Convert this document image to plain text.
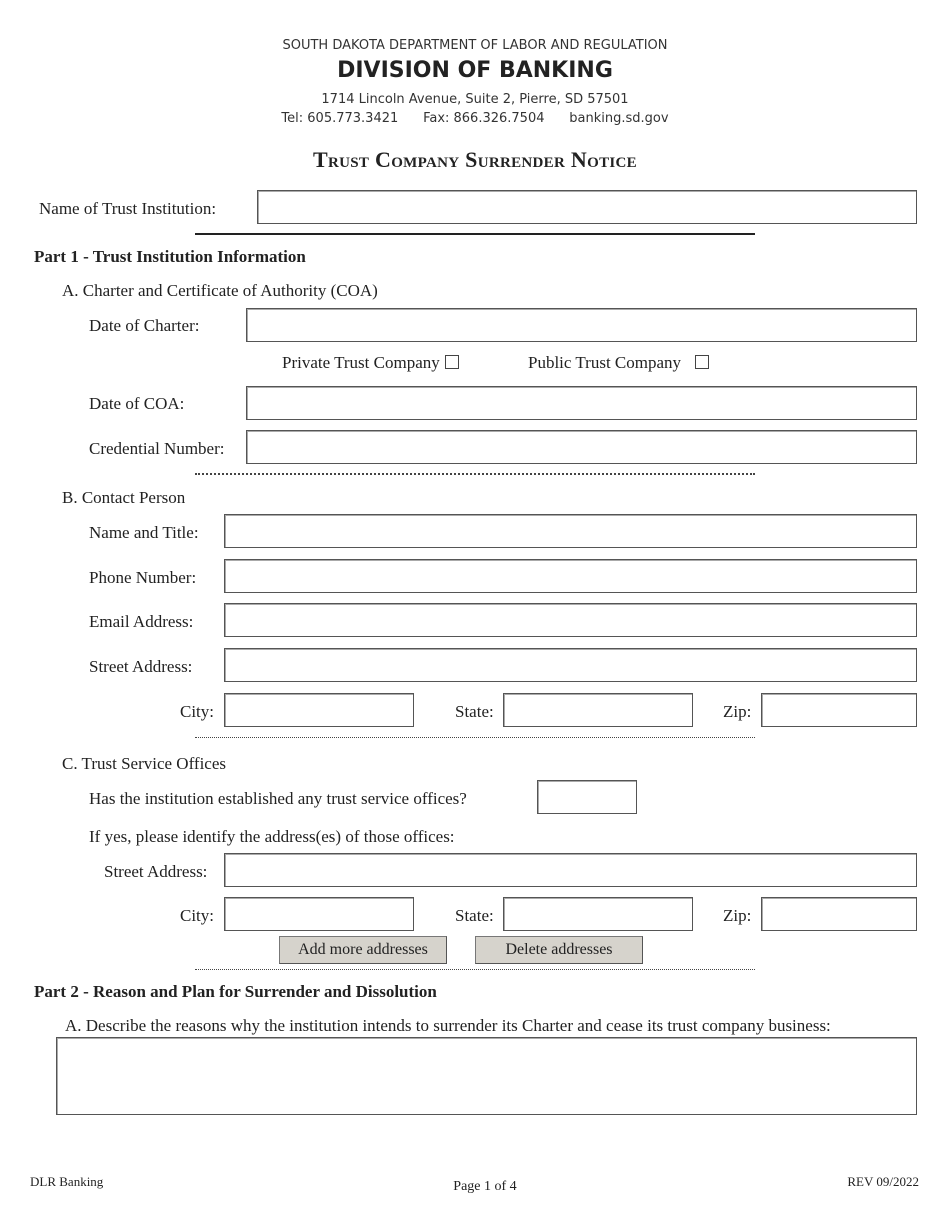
SOUTH DAKOTA DEPARTMENT OF LABOR AND REGULATION
DIVISION OF BANKING
1714 Lincoln Avenue, Suite 2, Pierre, SD 57501
Tel: 605.773.3421 Fax: 866.326.7504 banking.sd.gov
Trust Company Surrender Notice
Name of Trust Institution:
Part 1 - Trust Institution Information
A. Charter and Certificate of Authority (COA)
Date of Charter:
Private Trust Company	Public Trust Company
Date of COA:
Credential Number:
B. Contact Person
Name and Title:
Phone Number:
Email Address:
Street Address:
City:	State:	Zip:
C. Trust Service Offices
Has the institution established any trust service offices?
If yes, please identify the address(es) of those offices:
Street Address:
City:	State:	Zip:
Add more addresses	Delete addresses
Part 2 - Reason and Plan for Surrender and Dissolution
A. Describe the reasons why the institution intends to surrender its Charter and cease its trust company business:
DLR Banking	Page 1 of 4	REV 09/2022
